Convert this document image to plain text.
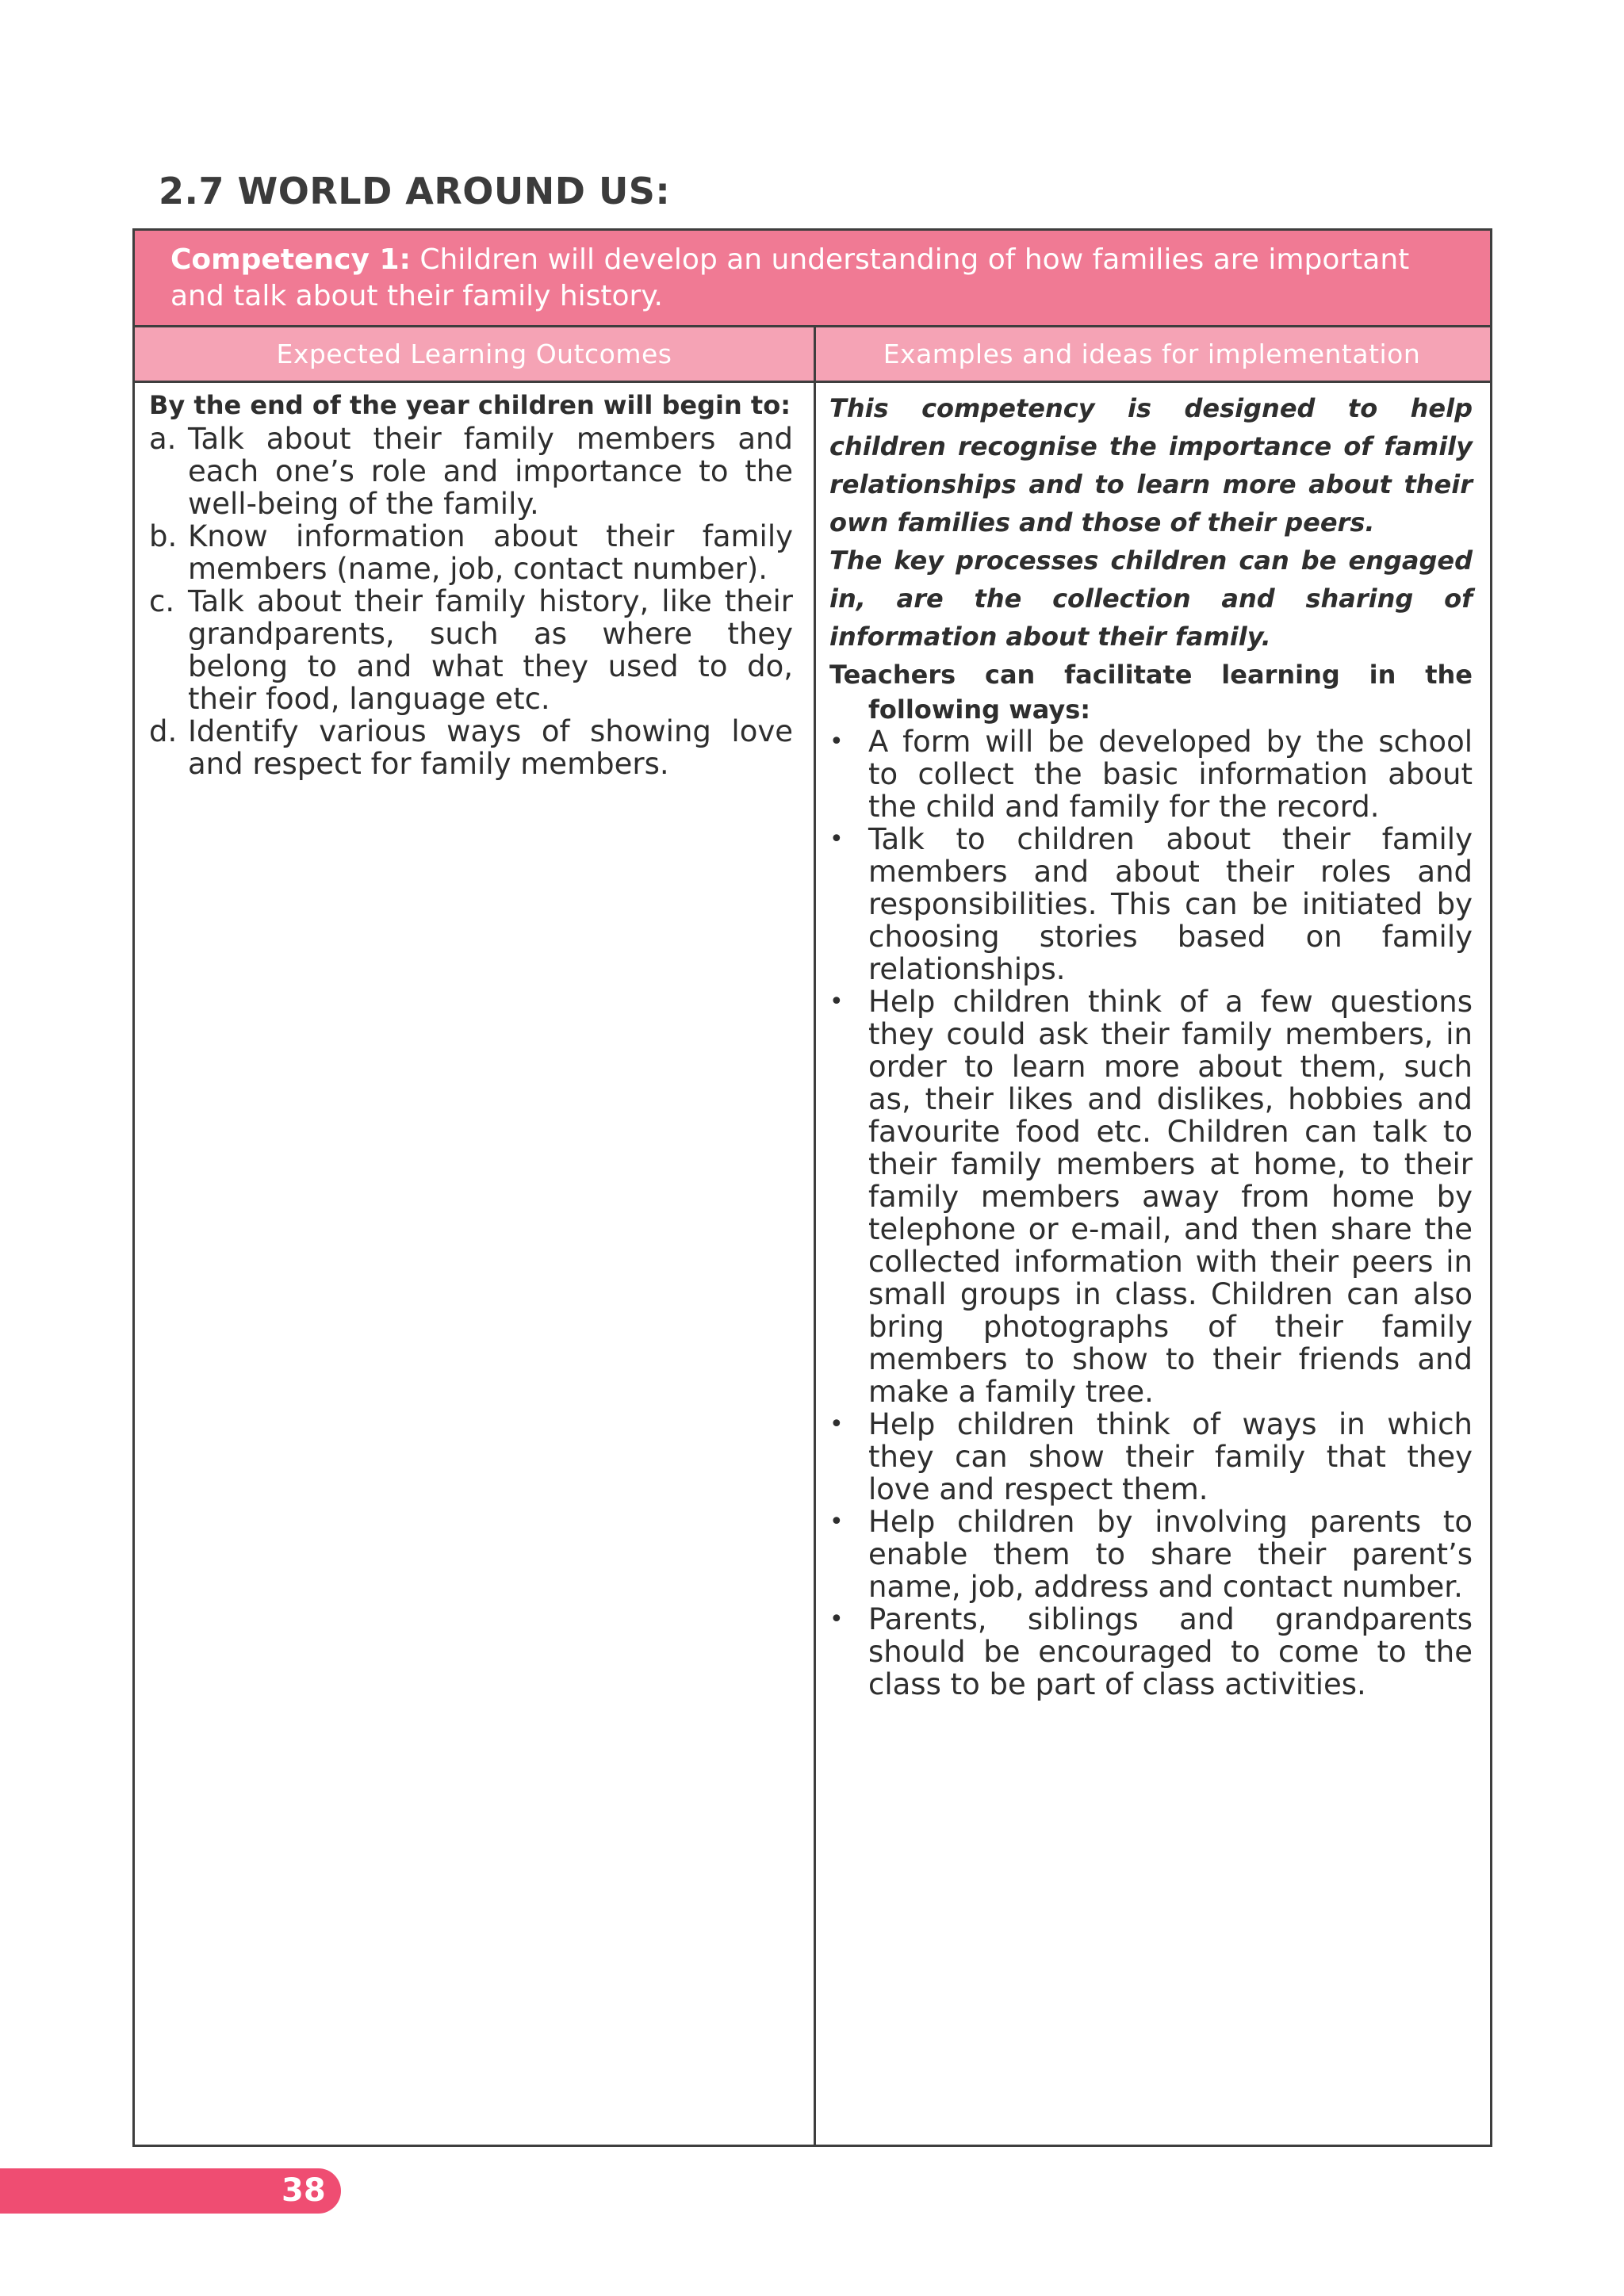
2.7 WORLD AROUND US:
Competency 1: Children will develop an understanding of how families are important and talk about their family history.
Expected Learning Outcomes	Examples and ideas for implementation
By the end of the year children will begin to:
a. Talk about their family members and each one’s role and importance to the well-being of the family.
b. Know information about their family members (name, job, contact number).
c. Talk about their family history, like their grandparents, such as where they belong to and what they used to do, their food, language etc.
d. Identify various ways of showing love and respect for family members.
This competency is designed to help children recognise the importance of family relationships and to learn more about their own families and those of their peers.
The key processes children can be engaged in, are the collection and sharing of information about their family.
Teachers can facilitate learning in the
following ways:
• A form will be developed by the school to collect the basic information about the child and family for the record.
• Talk to children about their family members and about their roles and responsibilities. This can be initiated by choosing stories based on family relationships.
• Help children think of a few questions they could ask their family members, in order to learn more about them, such as, their likes and dislikes, hobbies and favourite food etc. Children can talk to their family members at home, to their family members away from home by telephone or e-mail, and then share the collected information with their peers in small groups in class. Children can also bring photographs of their family members to show to their friends and make a family tree.
• Help children think of ways in which they can show their family that they love and respect them.
• Help children by involving parents to enable them to share their parent’s name, job, address and contact number.
• Parents, siblings and grandparents should be encouraged to come to the class to be part of class activities.
38
